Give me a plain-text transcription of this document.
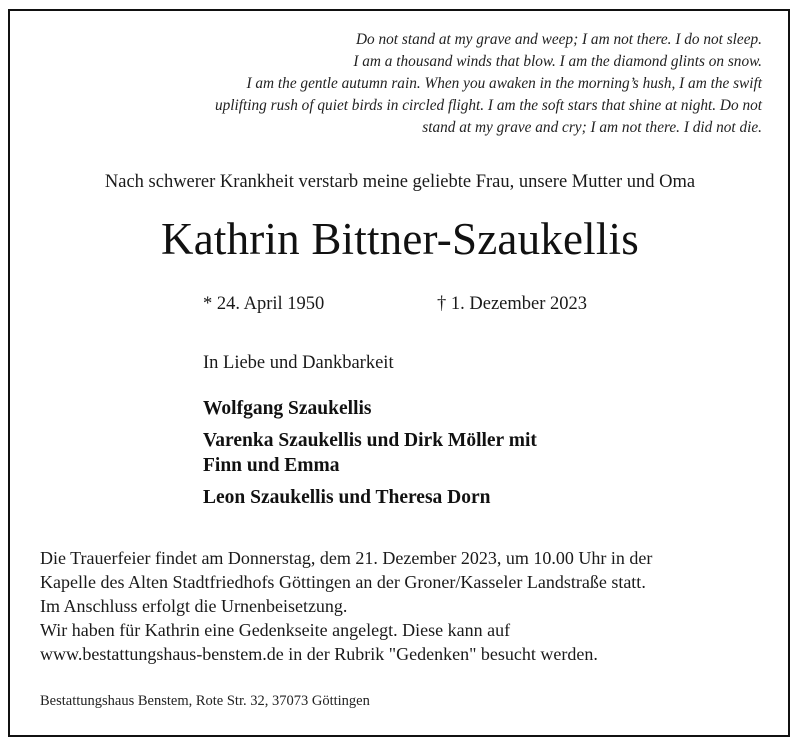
Do not stand at my grave and weep; I am not there. I do not sleep.
I am a thousand winds that blow. I am the diamond glints on snow.
I am the gentle autumn rain. When you awaken in the morning’s hush, I am the swift
uplifting rush of quiet birds in circled flight. I am the soft stars that shine at night. Do not
stand at my grave and cry; I am not there. I did not die.
Nach schwerer Krankheit verstarb meine geliebte Frau, unsere Mutter und Oma
Kathrin Bittner-Szaukellis
* 24. April 1950	† 1. Dezember 2023
In Liebe und Dankbarkeit
Wolfgang Szaukellis
Varenka Szaukellis und Dirk Möller mit
Finn und Emma
Leon Szaukellis und Theresa Dorn
Die Trauerfeier findet am Donnerstag, dem 21. Dezember 2023, um 10.00 Uhr in der
Kapelle des Alten Stadtfriedhofs Göttingen an der Groner/Kasseler Landstraße statt.
Im Anschluss erfolgt die Urnenbeisetzung.
Wir haben für Kathrin eine Gedenkseite angelegt. Diese kann auf
www.bestattungshaus-benstem.de in der Rubrik "Gedenken" besucht werden.
Bestattungshaus Benstem, Rote Str. 32, 37073 Göttingen
